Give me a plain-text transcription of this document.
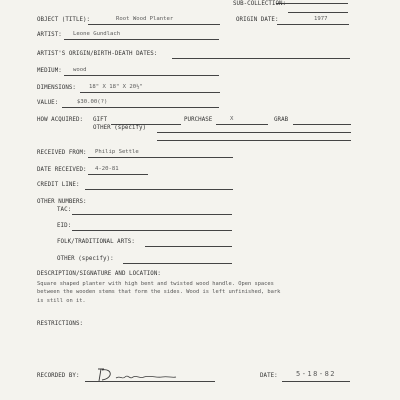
SUB-COLLECTION:
OBJECT (TITLE):	Root Wood Planter	ORIGIN DATE:	1977
ARTIST: Leone Gundlach
ARTIST'S ORIGIN/BIRTH-DEATH DATES:
MEDIUM: wood
DIMENSIONS: 18" X 18" X 20½"
VALUE:	$30.00(?)
HOW ACQUIRED: GIFT	PURCHASE	X	GRAB
OTHER (specify)
RECEIVED FROM: Philip Settle
DATE RECEIVED: 4-20-81
CREDIT LINE:
OTHER NUMBERS:
TAC:
EID:
FOLK/TRADITIONAL ARTS:
OTHER (specify):
DESCRIPTION/SIGNATURE AND LOCATION:
Square shaped planter with high bent and twisted wood handle. Open spaces
between the wooden stems that form the sides. Wood is left unfinished, bark
is still on it.
RESTRICTIONS:
RECORDED BY:	DATE:	5-18-82
